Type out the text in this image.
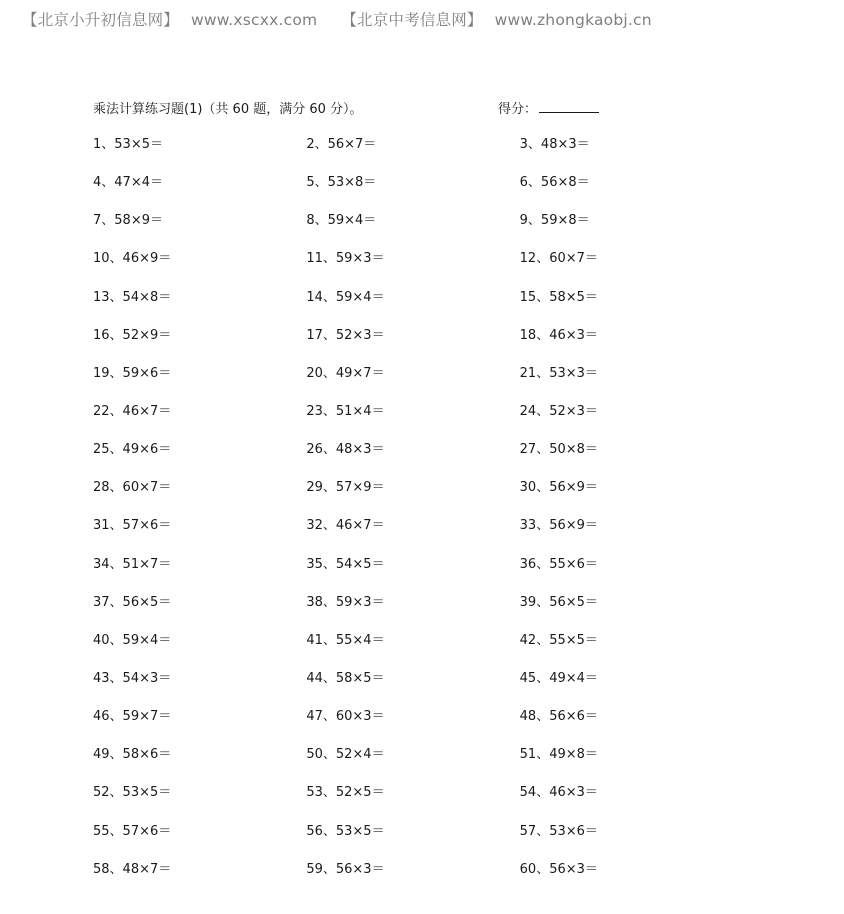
【北京小升初信息网】 www.xscxx.com 【北京中考信息网】 www.zhongkaobj.cn
乘法计算练习题(1)（共 60 题，满分 60 分）。	得分：
1、53×5＝	2、56×7＝	3、48×3＝
4、47×4＝	5、53×8＝	6、56×8＝
7、58×9＝	8、59×4＝	9、59×8＝
10、46×9＝	11、59×3＝	12、60×7＝
13、54×8＝	14、59×4＝	15、58×5＝
16、52×9＝	17、52×3＝	18、46×3＝
19、59×6＝	20、49×7＝	21、53×3＝
22、46×7＝	23、51×4＝	24、52×3＝
25、49×6＝	26、48×3＝	27、50×8＝
28、60×7＝	29、57×9＝	30、56×9＝
31、57×6＝	32、46×7＝	33、56×9＝
34、51×7＝	35、54×5＝	36、55×6＝
37、56×5＝	38、59×3＝	39、56×5＝
40、59×4＝	41、55×4＝	42、55×5＝
43、54×3＝	44、58×5＝	45、49×4＝
46、59×7＝	47、60×3＝	48、56×6＝
49、58×6＝	50、52×4＝	51、49×8＝
52、53×5＝	53、52×5＝	54、46×3＝
55、57×6＝	56、53×5＝	57、53×6＝
58、48×7＝	59、56×3＝	60、56×3＝
